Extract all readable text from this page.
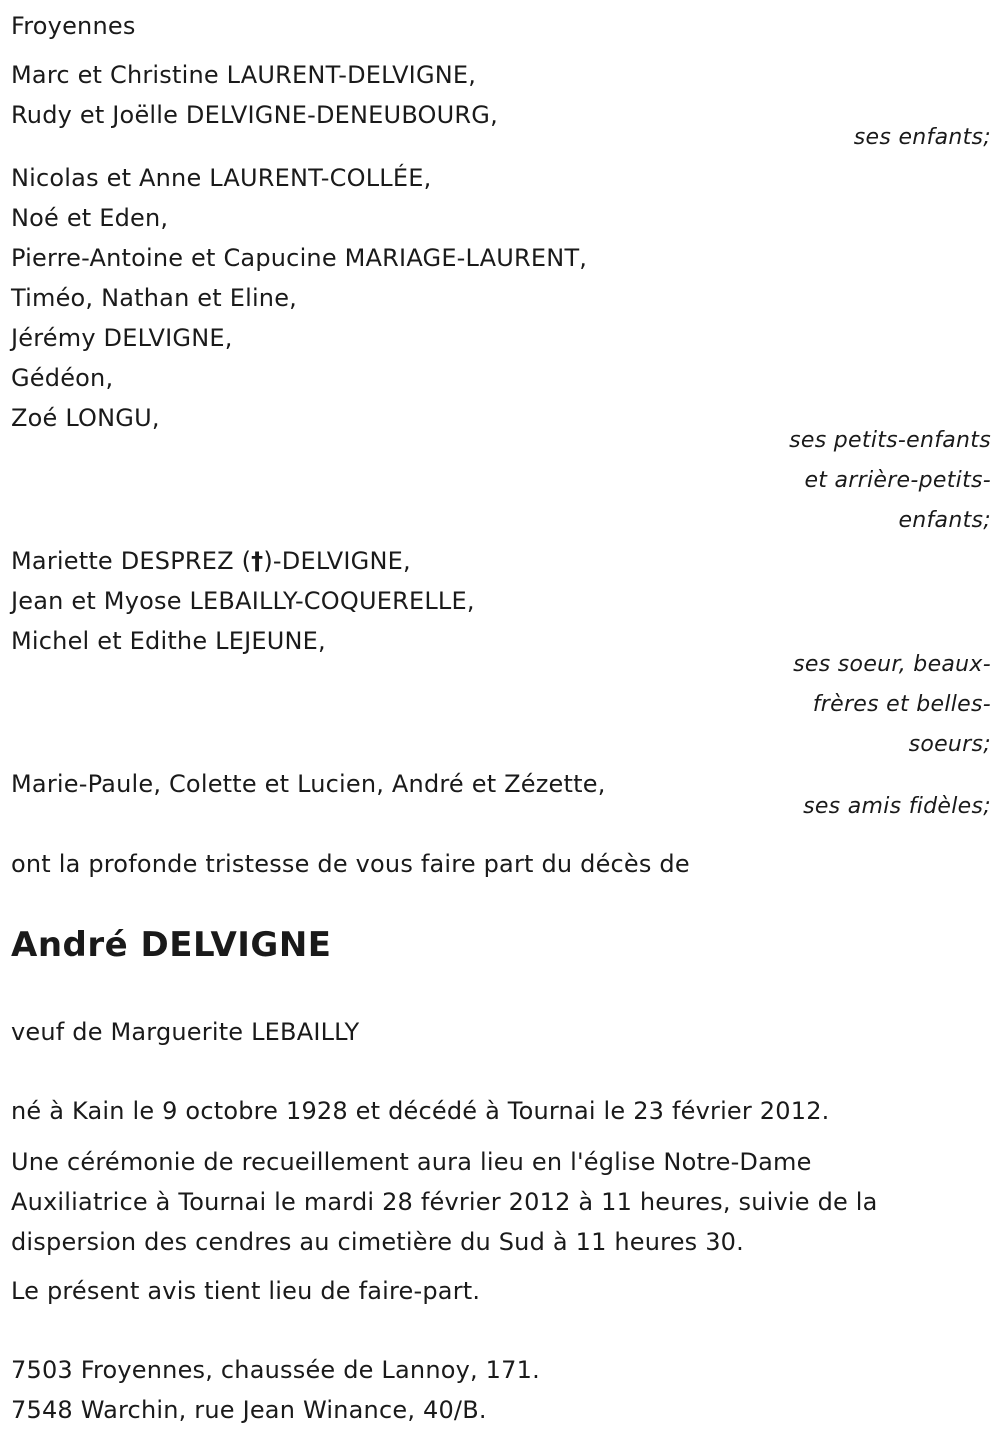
Froyennes
Marc et Christine LAURENT-DELVIGNE,
Rudy et Joëlle DELVIGNE-DENEUBOURG,
ses enfants;
Nicolas et Anne LAURENT-COLLÉE,
Noé et Eden,
Pierre-Antoine et Capucine MARIAGE-LAURENT,
Timéo, Nathan et Eline,
Jérémy DELVIGNE,
Gédéon,
Zoé LONGU,
ses petits-enfants
et arrière-petits-
enfants;
Mariette DESPREZ (†)-DELVIGNE,
Jean et Myose LEBAILLY-COQUERELLE,
Michel et Edithe LEJEUNE,
ses soeur, beaux-
frères et belles-
soeurs;
Marie-Paule, Colette et Lucien, André et Zézette,
ses amis fidèles;
ont la profonde tristesse de vous faire part du décès de
André DELVIGNE
veuf de Marguerite LEBAILLY
né à Kain le 9 octobre 1928 et décédé à Tournai le 23 février 2012.
Une cérémonie de recueillement aura lieu en l'église Notre-Dame
Auxiliatrice à Tournai le mardi 28 février 2012 à 11 heures, suivie de la
dispersion des cendres au cimetière du Sud à 11 heures 30.
Le présent avis tient lieu de faire-part.
7503 Froyennes, chaussée de Lannoy, 171.
7548 Warchin, rue Jean Winance, 40/B.
